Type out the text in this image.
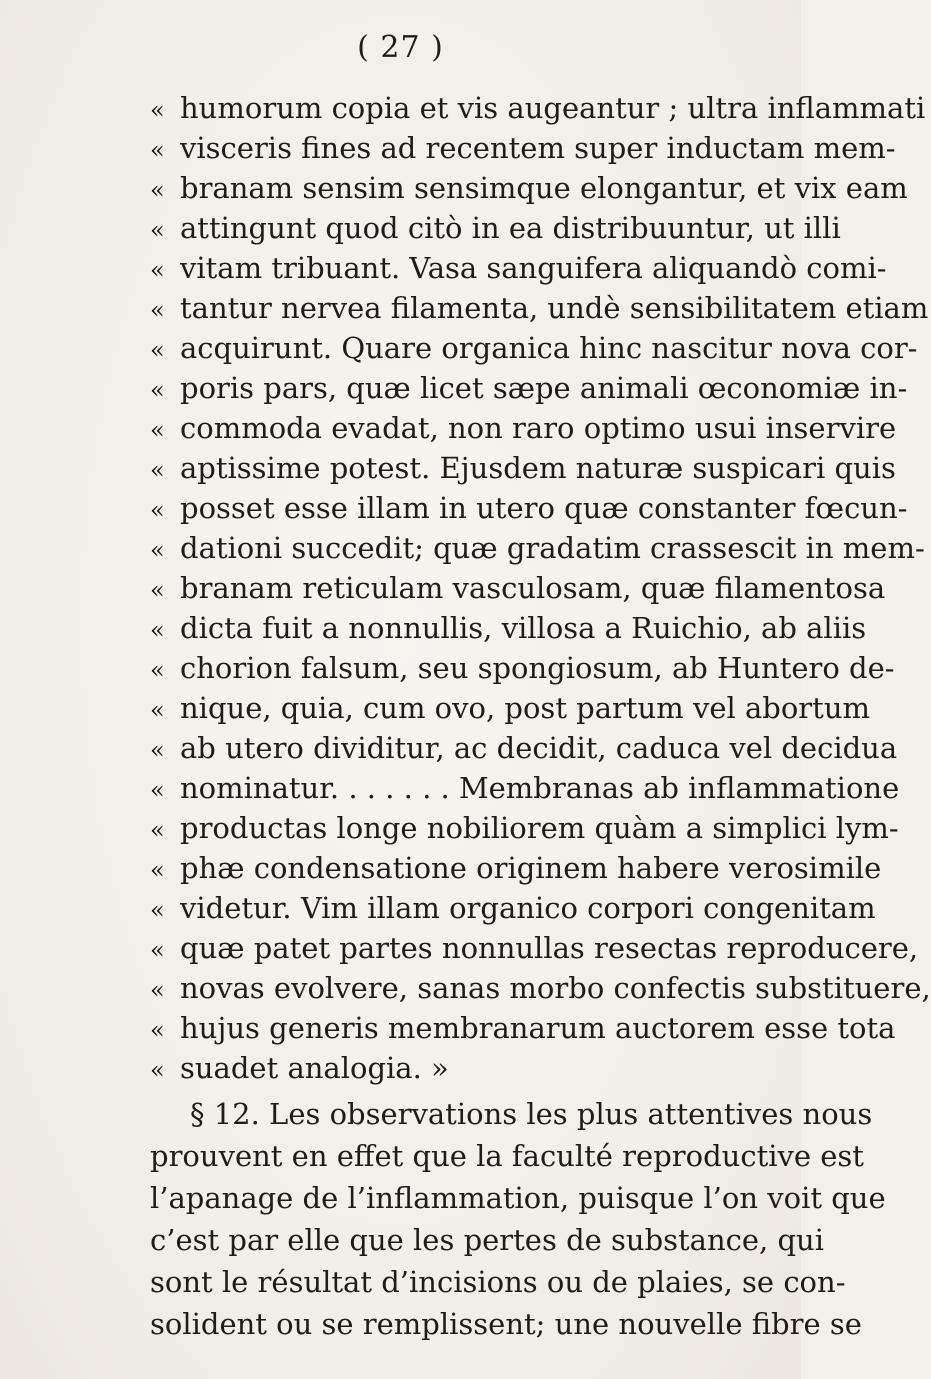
( 27 )
« humorum copia et vis augeantur ; ultra inflammati
« visceris fines ad recentem super inductam mem-
« branam sensim sensimque elongantur, et vix eam
« attingunt quod citò in ea distribuuntur, ut illi
« vitam tribuant. Vasa sanguifera aliquandò comi-
« tantur nervea filamenta, undè sensibilitatem etiam
« acquirunt. Quare organica hinc nascitur nova cor-
« poris pars, quæ licet sæpe animali œconomiæ in-
« commoda evadat, non raro optimo usui inservire
« aptissime potest. Ejusdem naturæ suspicari quis
« posset esse illam in utero quæ constanter fœcun-
« dationi succedit; quæ gradatim crassescit in mem-
« branam reticulam vasculosam, quæ filamentosa
« dicta fuit a nonnullis, villosa a Ruichio, ab aliis
« chorion falsum, seu spongiosum, ab Huntero de-
« nique, quia, cum ovo, post partum vel abortum
« ab utero dividitur, ac decidit, caduca vel decidua
« nominatur. . . . . . . Membranas ab inflammatione
« productas longe nobiliorem quàm a simplici lym-
« phæ condensatione originem habere verosimile
« videtur. Vim illam organico corpori congenitam
« quæ patet partes nonnullas resectas reproducere,
« novas evolvere, sanas morbo confectis substituere,
« hujus generis membranarum auctorem esse tota
« suadet analogia. »
§ 12. Les observations les plus attentives nous
prouvent en effet que la faculté reproductive est
l’apanage de l’inflammation, puisque l’on voit que
c’est par elle que les pertes de substance, qui
sont le résultat d’incisions ou de plaies, se con-
solident ou se remplissent; une nouvelle fibre se
